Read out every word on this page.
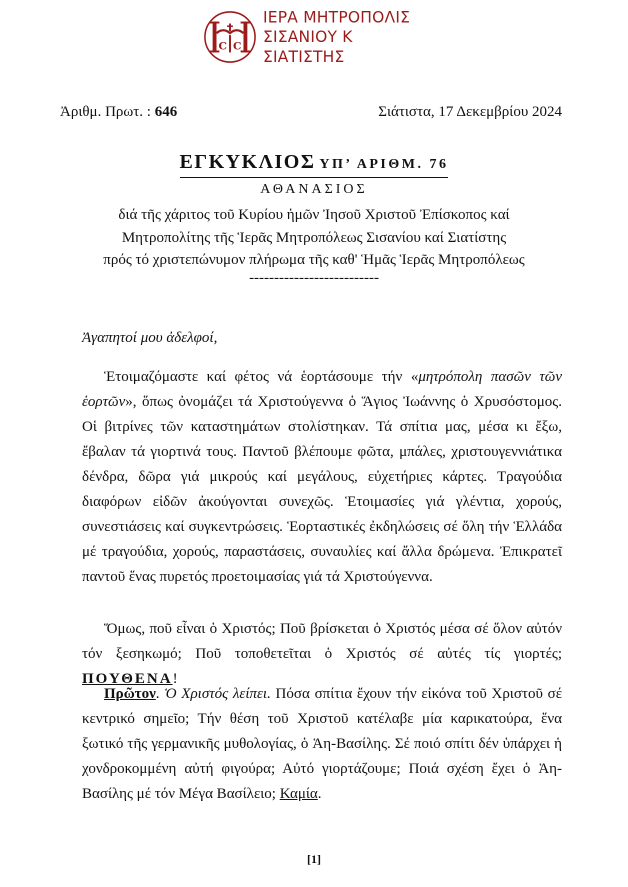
C C
ΙΕΡΑ ΜΗΤΡΟΠΟΛΙΣ
ΣΙΣΑΝΙΟΥ Κ ΣΙΑΤΙΣΤΗΣ
Ἀριθμ. Πρωτ. : 646	Σιάτιστα, 17 Δεκεμβρίου 2024
ΕΓΚΥΚΛΙΟΣ ΥΠ’ ΑΡΙΘΜ. 76
ΑΘΑΝΑΣΙΟΣ
διά τῆς χάριτος τοῦ Κυρίου ἡμῶν Ἰησοῦ Χριστοῦ Ἐπίσκοπος καί
Μητροπολίτης τῆς Ἱερᾶς Μητροπόλεως Σισανίου καί Σιατίστης
πρός τό χριστεπώνυμον πλήρωμα τῆς καθ' Ἡμᾶς Ἱερᾶς Μητροπόλεως
--------------------------
Ἀγαπητοί μου ἀδελφοί,
Ἑτοιμαζόμαστε καί φέτος νά ἑορτάσουμε τήν «μητρόπολη πασῶν τῶν ἑορτῶν», ὅπως ὀνομάζει τά Χριστούγεννα ὁ Ἅγιος Ἰωάννης ὁ Χρυσόστομος. Οἱ βιτρίνες τῶν καταστημάτων στολίστηκαν. Τά σπίτια μας, μέσα κι ἔξω, ἔβαλαν τά γιορτινά τους. Παντοῦ βλέπουμε φῶτα, μπάλες, χριστουγεννιάτικα δένδρα, δῶρα γιά μικρούς καί μεγάλους, εὐχετήριες κάρτες. Τραγούδια διαφόρων εἰδῶν ἀκούγονται συνεχῶς. Ἑτοιμασίες γιά γλέντια, χορούς, συνεστιάσεις καί συγκεντρώσεις. Ἑορταστικές ἐκδηλώσεις σέ ὅλη τήν Ἑλλάδα μέ τραγούδια, χορούς, παραστάσεις, συναυλίες καί ἄλλα δρώμενα. Ἐπικρατεῖ παντοῦ ἕνας πυρετός προετοιμασίας γιά τά Χριστούγεννα.
Ὅμως, ποῦ εἶναι ὁ Χριστός; Ποῦ βρίσκεται ὁ Χριστός μέσα σέ ὅλον αὐτόν τόν ξεσηκωμό; Ποῦ τοποθετεῖται ὁ Χριστός σέ αὐτές τίς γιορτές; ΠΟΥΘΕΝΑ!
Πρῶτον. Ὁ Χριστός λείπει. Πόσα σπίτια ἔχουν τήν εἰκόνα τοῦ Χριστοῦ σέ κεντρικό σημεῖο; Τήν θέση τοῦ Χριστοῦ κατέλαβε μία καρικατούρα, ἕνα ξωτικό τῆς γερμανικῆς μυθολογίας, ὁ Ἁη-Βασίλης. Σέ ποιό σπίτι δέν ὑπάρχει ἡ χονδροκομμένη αὐτή φιγούρα; Αὐτό γιορτάζουμε; Ποιά σχέση ἔχει ὁ Ἁη-Βασίλης μέ τόν Μέγα Βασίλειο; Καμία.
[1]
